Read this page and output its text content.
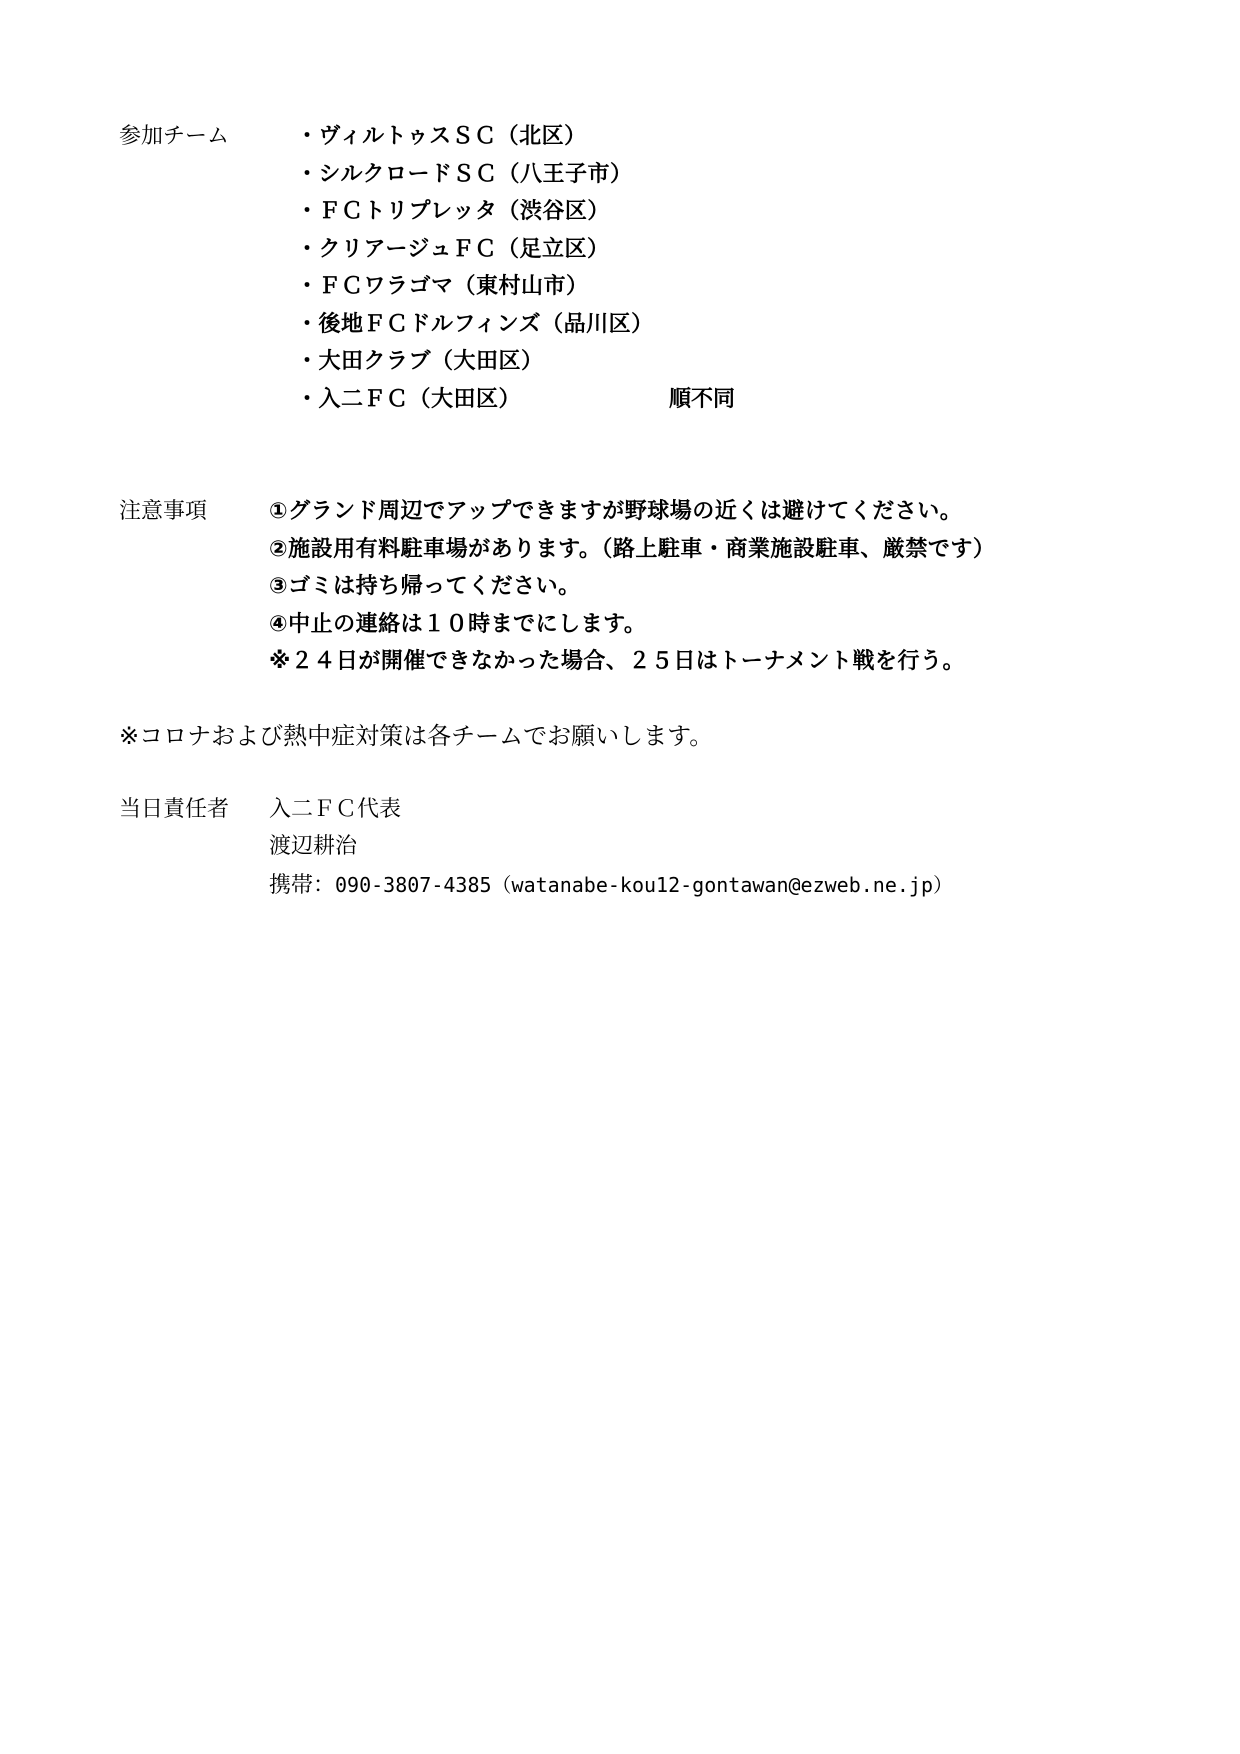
参加チーム	・ヴィルトゥスＳＣ（北区）
・シルクロードＳＣ（八王子市）
・ＦＣトリプレッタ（渋谷区）
・クリアージュＦＣ（足立区）
・ＦＣワラゴマ（東村山市）
・後地ＦＣドルフィンズ（品川区）
・大田クラブ（大田区）
・入二ＦＣ（大田区）	順不同
注意事項	①グランド周辺でアップできますが野球場の近くは避けてください。
②施設用有料駐車場があります。（路上駐車・商業施設駐車、厳禁です）
③ゴミは持ち帰ってください。
④中止の連絡は１０時までにします。
※２４日が開催できなかった場合、２５日はトーナメント戦を行う。
※コロナおよび熱中症対策は各チームでお願いします。
当日責任者 入二ＦＣ代表
渡辺耕治
携帯：090-3807-4385（watanabe-kou12-gontawan@ezweb.ne.jp）
